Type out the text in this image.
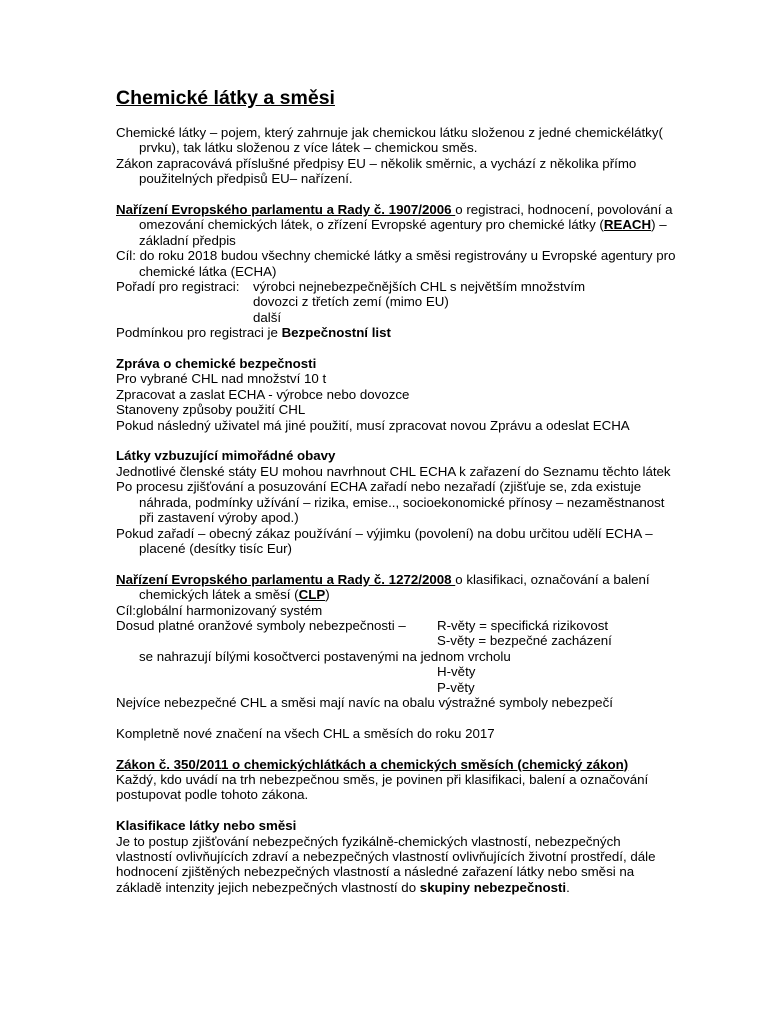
Chemické látky a směsi

Chemické látky – pojem, který zahrnuje jak chemickou látku složenou z jedné chemickélátky( prvku), tak látku složenou z více látek – chemickou směs.

Zákon zapracovává příslušné předpisy EU – několik směrnic, a vychází z několika přímo použitelných předpisů EU– nařízení.

Nařízení Evropského parlamentu a Rady č. 1907/2006 o registraci, hodnocení, povolování a omezování chemických látek, o zřízení Evropské agentury pro chemické látky (REACH) – základní předpis

Cíl: do roku 2018 budou všechny chemické látky a směsi registrovány u Evropské agentury pro chemické látka (ECHA)

Pořadí pro registraci: výrobci nejnebezpečnějších CHL s největším množstvím

dovozci z třetích zemí (mimo EU)

další

Podmínkou pro registraci je Bezpečnostní list

Zpráva o chemické bezpečnosti

Pro vybrané CHL nad množství 10 t

Zpracovat a zaslat ECHA - výrobce nebo dovozce

Stanoveny způsoby použití CHL

Pokud následný uživatel má jiné použití, musí zpracovat novou Zprávu a odeslat ECHA

Látky vzbuzující mimořádné obavy

Jednotlivé členské státy EU mohou navrhnout CHL ECHA k zařazení do Seznamu těchto látek

Po procesu zjišťování a posuzování ECHA zařadí nebo nezařadí (zjišťuje se, zda existuje náhrada, podmínky užívání – rizika, emise.., socioekonomické přínosy – nezaměstnanost při zastavení výroby apod.)

Pokud zařadí – obecný zákaz používání – výjimku (povolení) na dobu určitou udělí ECHA – placené (desítky tisíc Eur)

Nařízení Evropského parlamentu a Rady č. 1272/2008 o klasifikaci, označování a balení chemických látek a směsí (CLP)

Cíl:globální harmonizovaný systém

Dosud platné oranžové symboly nebezpečnosti – R-věty = specifická rizikovost

S-věty = bezpečné zacházení

se nahrazují bílými kosočtverci postavenými na jednom vrcholu

H-věty

P-věty

Nejvíce nebezpečné CHL a směsi mají navíc na obalu výstražné symboly nebezpečí

Kompletně nové značení na všech CHL a směsích do roku 2017

Zákon č. 350/2011 o chemickýchlátkách a chemických směsích (chemický zákon)

Každý, kdo uvádí na trh nebezpečnou směs, je povinen při klasifikaci, balení a označování postupovat podle tohoto zákona.

Klasifikace látky nebo směsi

Je to postup zjišťování nebezpečných fyzikálně-chemických vlastností, nebezpečných vlastností ovlivňujících zdraví a nebezpečných vlastností ovlivňujících životní prostředí, dále hodnocení zjištěných nebezpečných vlastností a následné zařazení látky nebo směsi na základě intenzity jejich nebezpečných vlastností do skupiny nebezpečnosti.
